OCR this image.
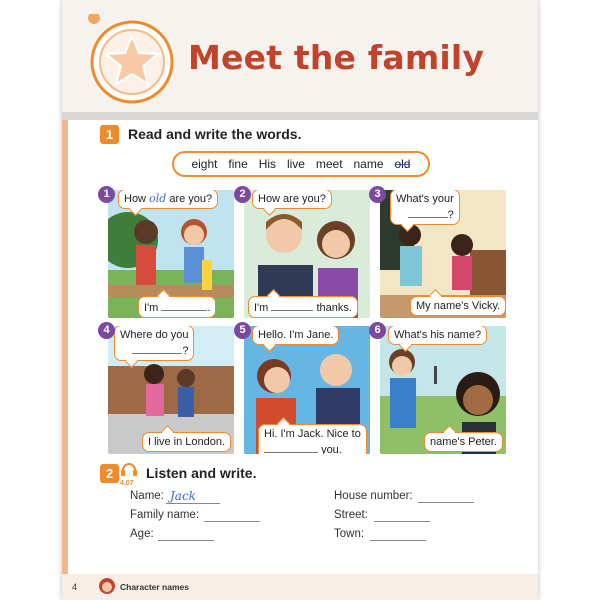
Meet the family
1	Read and write the words.
eight fine His live meet name old
1	How old are you?
I'm	.
2	How are you?
I'm	thanks.
3	What's your
?
My name's Vicky.
4 Where do you
?
I live in London.
5	Hello. I'm Jane.
Hi. I'm Jack. Nice to
you.
6	What's his name?
name's Peter.
2
4.07
Listen and write.
Name: Jack
Family name:
Age:
House number:
Street:
Town:
4	Character names
